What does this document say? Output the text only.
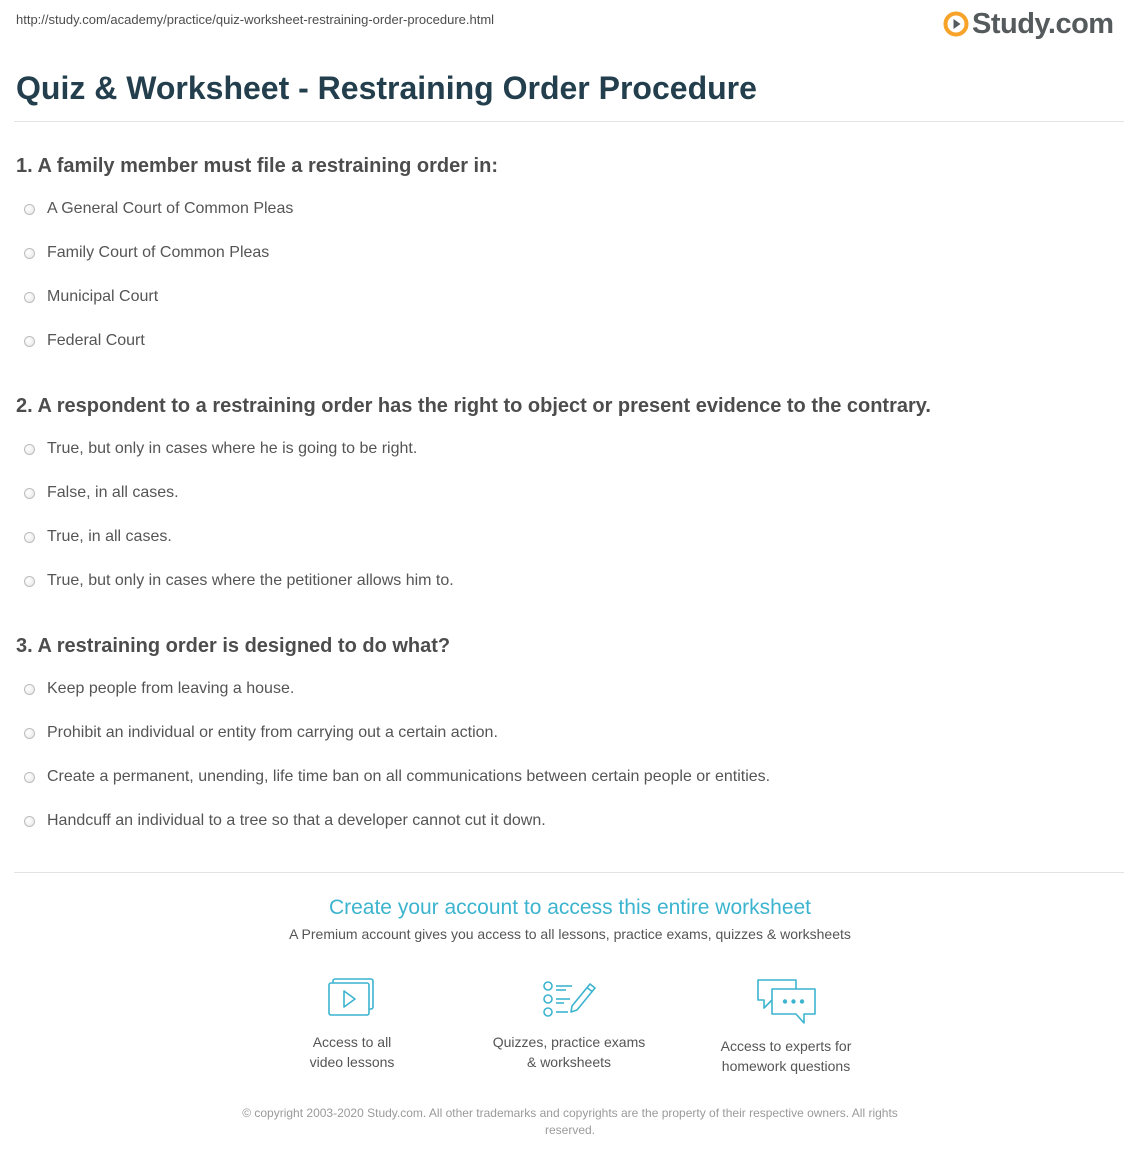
http://study.com/academy/practice/quiz-worksheet-restraining-order-procedure.html	Study.com
Quiz & Worksheet - Restraining Order Procedure
1. A family member must file a restraining order in:
A General Court of Common Pleas
Family Court of Common Pleas
Municipal Court
Federal Court
2. A respondent to a restraining order has the right to object or present evidence to the contrary.
True, but only in cases where he is going to be right.
False, in all cases.
True, in all cases.
True, but only in cases where the petitioner allows him to.
3. A restraining order is designed to do what?
Keep people from leaving a house.
Prohibit an individual or entity from carrying out a certain action.
Create a permanent, unending, life time ban on all communications between certain people or entities.
Handcuff an individual to a tree so that a developer cannot cut it down.
Create your account to access this entire worksheet
A Premium account gives you access to all lessons, practice exams, quizzes & worksheets
Access to all
video lessons
Quizzes, practice exams
& worksheets
Access to experts for
homework questions
© copyright 2003-2020 Study.com. All other trademarks and copyrights are the property of their respective owners. All rights
reserved.
